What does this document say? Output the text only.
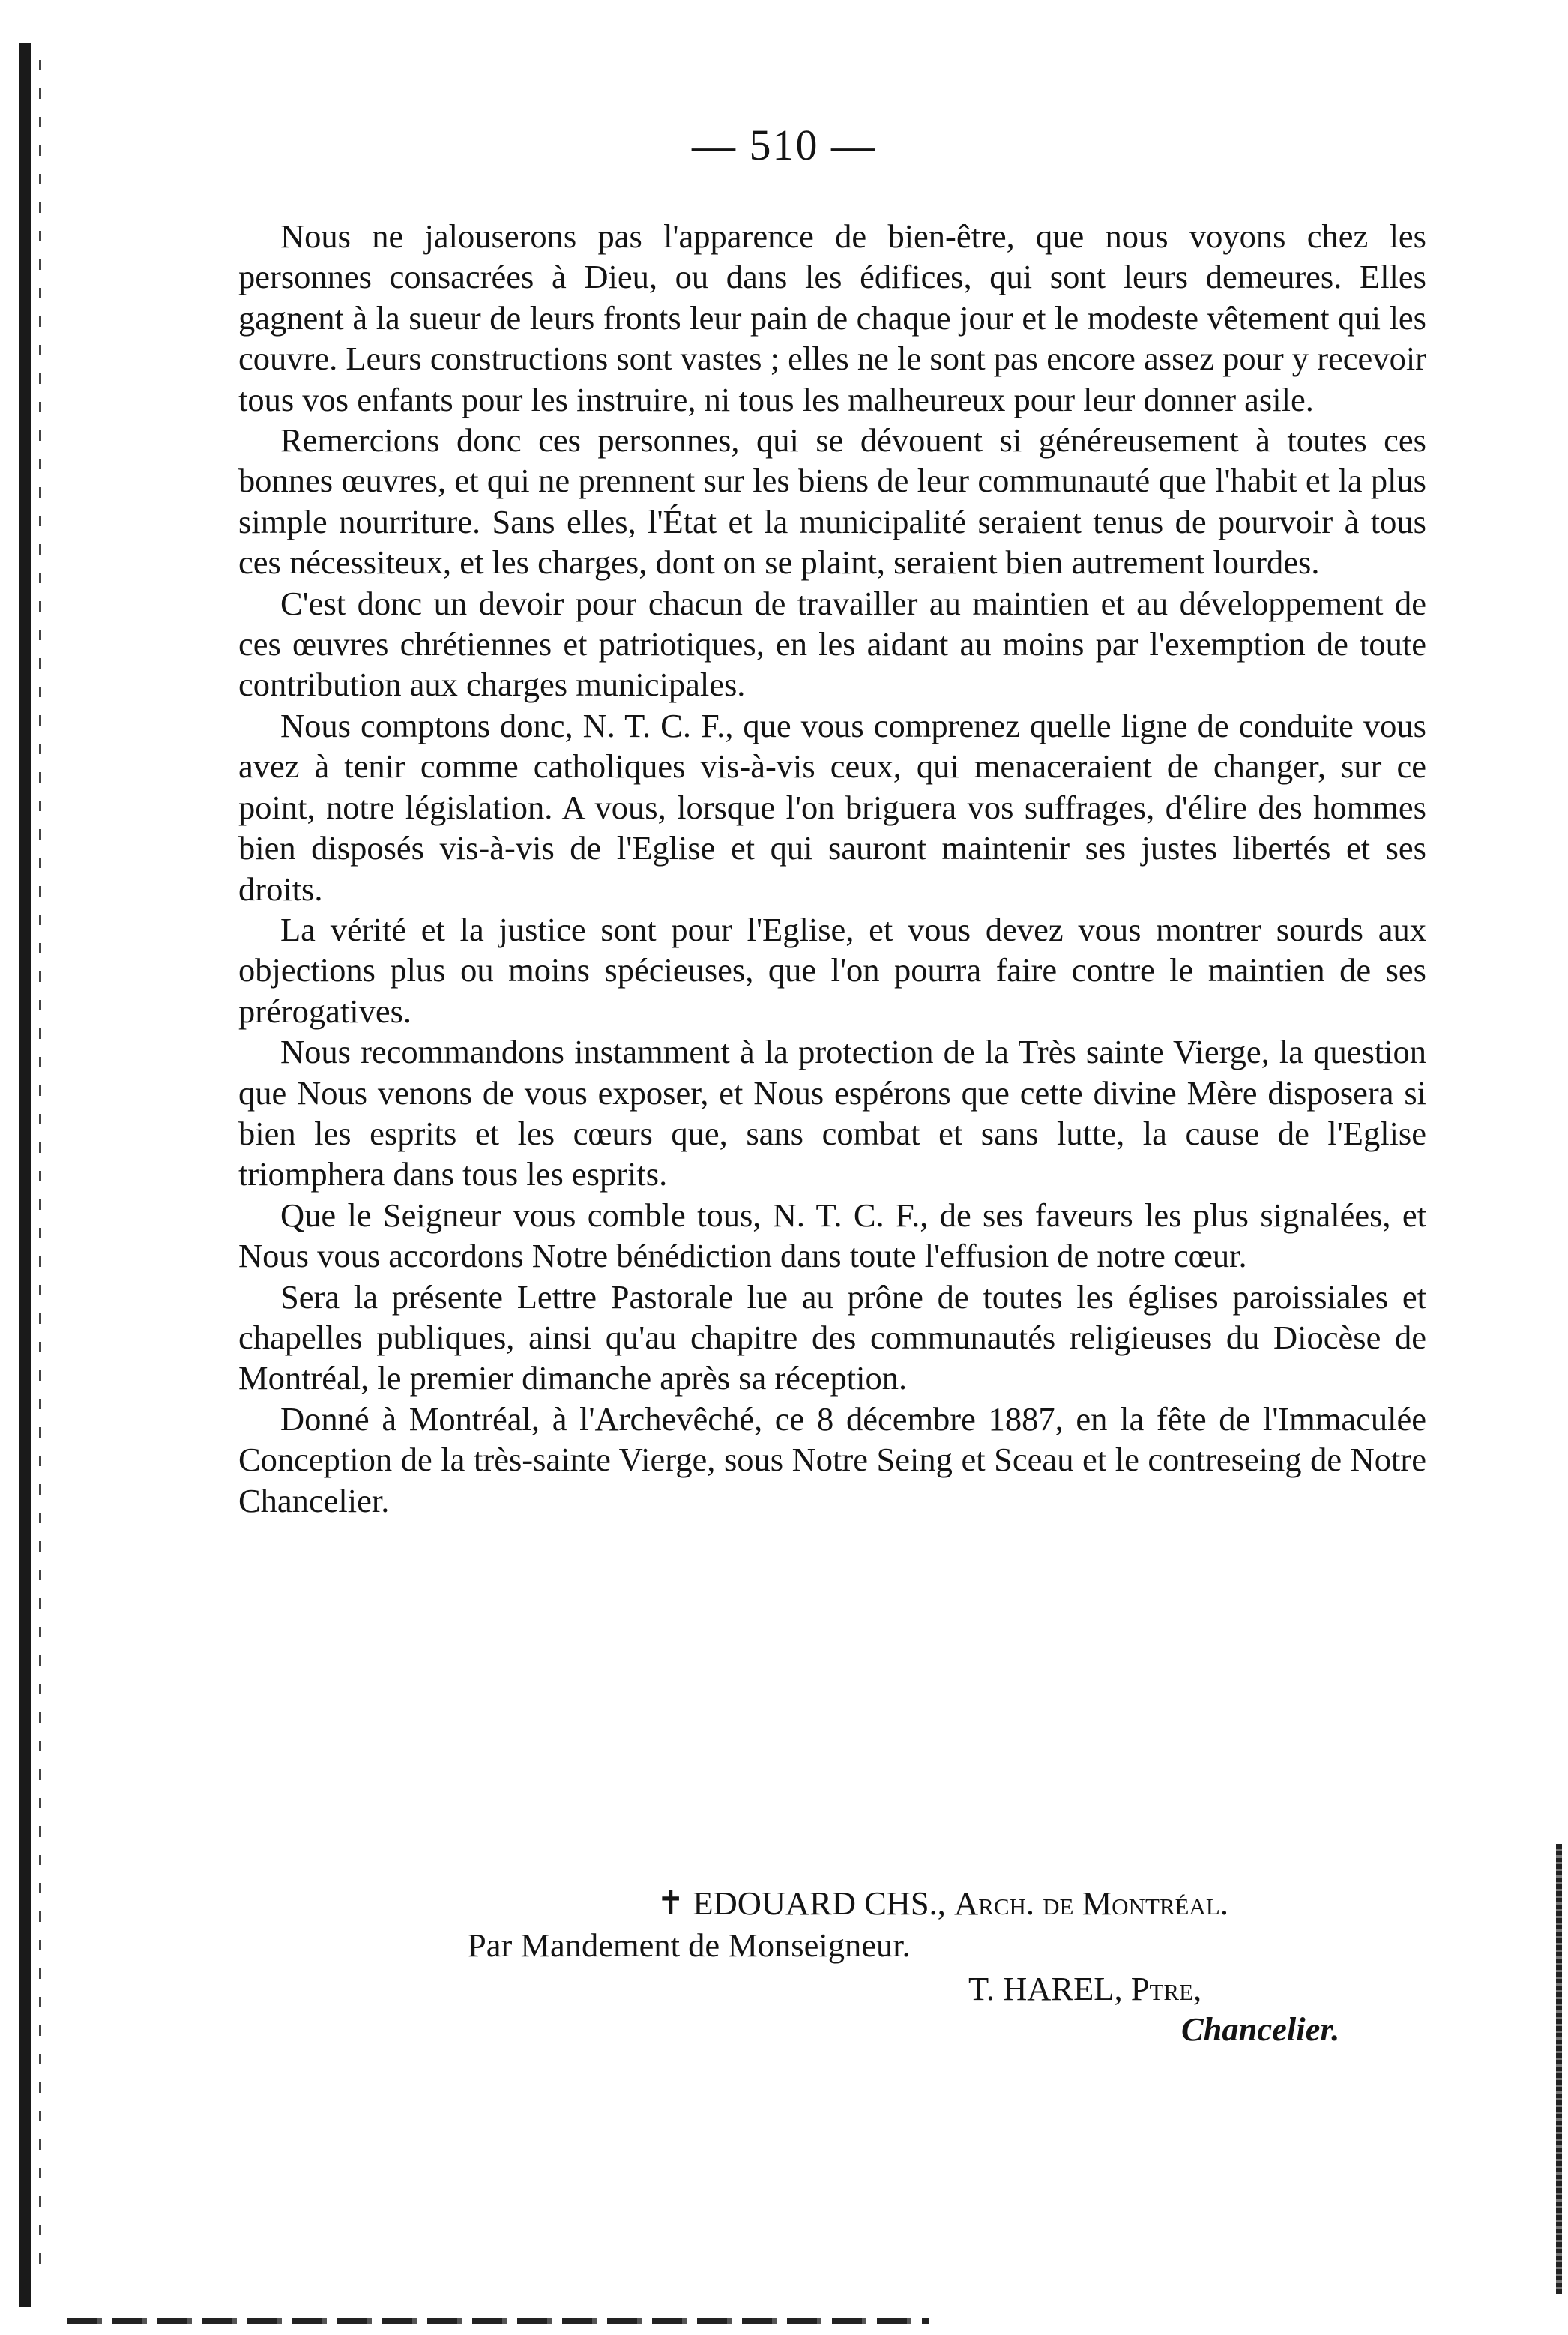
— 510 —

Nous ne jalouserons pas l'apparence de bien-être, que nous voyons chez les personnes consacrées à Dieu, ou dans les édifices, qui sont leurs demeures. Elles gagnent à la sueur de leurs fronts leur pain de chaque jour et le modeste vêtement qui les couvre. Leurs constructions sont vastes ; elles ne le sont pas encore assez pour y recevoir tous vos enfants pour les instruire, ni tous les malheureux pour leur donner asile.

Remercions donc ces personnes, qui se dévouent si généreusement à toutes ces bonnes œuvres, et qui ne prennent sur les biens de leur communauté que l'habit et la plus simple nourriture. Sans elles, l'État et la municipalité seraient tenus de pourvoir à tous ces nécessiteux, et les charges, dont on se plaint, seraient bien autrement lourdes.

C'est donc un devoir pour chacun de travailler au maintien et au développement de ces œuvres chrétiennes et patriotiques, en les aidant au moins par l'exemption de toute contribution aux charges municipales.

Nous comptons donc, N. T. C. F., que vous comprenez quelle ligne de conduite vous avez à tenir comme catholiques vis-à-vis ceux, qui menaceraient de changer, sur ce point, notre législation. A vous, lorsque l'on briguera vos suffrages, d'élire des hommes bien disposés vis-à-vis de l'Eglise et qui sauront maintenir ses justes libertés et ses droits.

La vérité et la justice sont pour l'Eglise, et vous devez vous montrer sourds aux objections plus ou moins spécieuses, que l'on pourra faire contre le maintien de ses prérogatives.

Nous recommandons instamment à la protection de la Très sainte Vierge, la question que Nous venons de vous exposer, et Nous espérons que cette divine Mère disposera si bien les esprits et les cœurs que, sans combat et sans lutte, la cause de l'Eglise triomphera dans tous les esprits.

Que le Seigneur vous comble tous, N. T. C. F., de ses faveurs les plus signalées, et Nous vous accordons Notre bénédiction dans toute l'effusion de notre cœur.

Sera la présente Lettre Pastorale lue au prône de toutes les églises paroissiales et chapelles publiques, ainsi qu'au chapitre des communautés religieuses du Diocèse de Montréal, le premier dimanche après sa réception.

Donné à Montréal, à l'Archevêché, ce 8 décembre 1887, en la fête de l'Immaculée Conception de la très-sainte Vierge, sous Notre Seing et Sceau et le contreseing de Notre Chancelier.

✝ EDOUARD CHS., Arch. de Montréal.
Par Mandement de Monseigneur.
T. HAREL, Ptre,
Chancelier.
